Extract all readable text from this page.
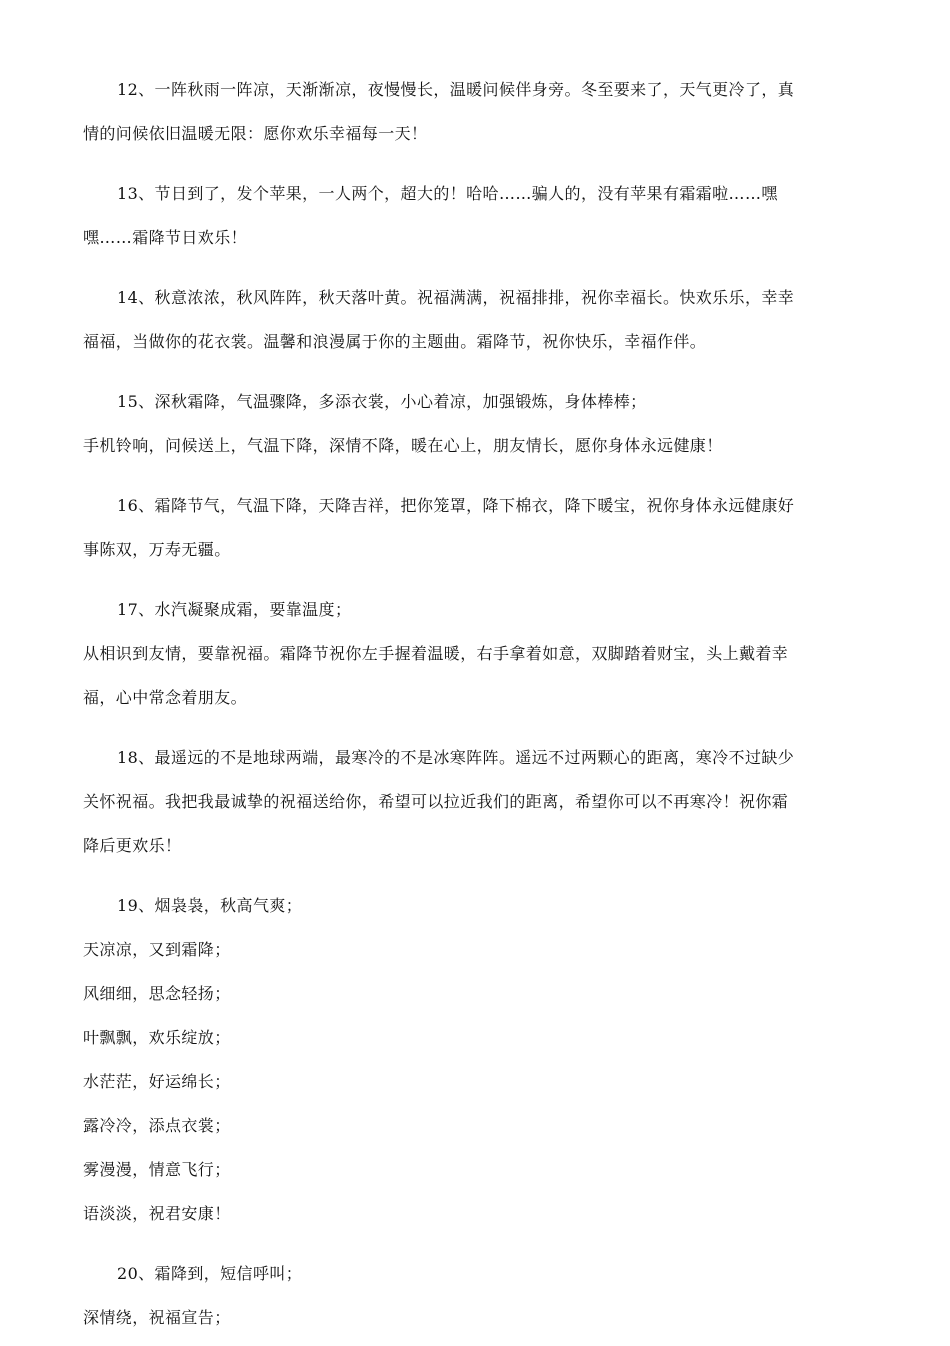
12、一阵秋雨一阵凉，天渐渐凉，夜慢慢长，温暖问候伴身旁。冬至要来了，天气更冷了，真
情的问候依旧温暖无限：愿你欢乐幸福每一天！
13、节日到了，发个苹果，一人两个，超大的！哈哈……骗人的，没有苹果有霜霜啦……嘿
嘿……霜降节日欢乐！
14、秋意浓浓，秋风阵阵，秋天落叶黄。祝福满满，祝福排排，祝你幸福长。快欢乐乐，幸幸
福福，当做你的花衣裳。温馨和浪漫属于你的主题曲。霜降节，祝你快乐，幸福作伴。
15、深秋霜降，气温骤降，多添衣裳，小心着凉，加强锻炼，身体棒棒；
手机铃响，问候送上，气温下降，深情不降，暖在心上，朋友情长，愿你身体永远健康！
16、霜降节气，气温下降，天降吉祥，把你笼罩，降下棉衣，降下暖宝，祝你身体永远健康好
事陈双，万寿无疆。
17、水汽凝聚成霜，要靠温度；
从相识到友情，要靠祝福。霜降节祝你左手握着温暖，右手拿着如意，双脚踏着财宝，头上戴着幸
福，心中常念着朋友。
18、最遥远的不是地球两端，最寒冷的不是冰寒阵阵。遥远不过两颗心的距离，寒冷不过缺少
关怀祝福。我把我最诚挚的祝福送给你，希望可以拉近我们的距离，希望你可以不再寒冷！祝你霜
降后更欢乐！
19、烟袅袅，秋高气爽；
天凉凉，又到霜降；
风细细，思念轻扬；
叶飘飘，欢乐绽放；
水茫茫，好运绵长；
露冷冷，添点衣裳；
雾漫漫，情意飞行；
语淡淡，祝君安康！
20、霜降到，短信呼叫；
深情绕，祝福宣告；
